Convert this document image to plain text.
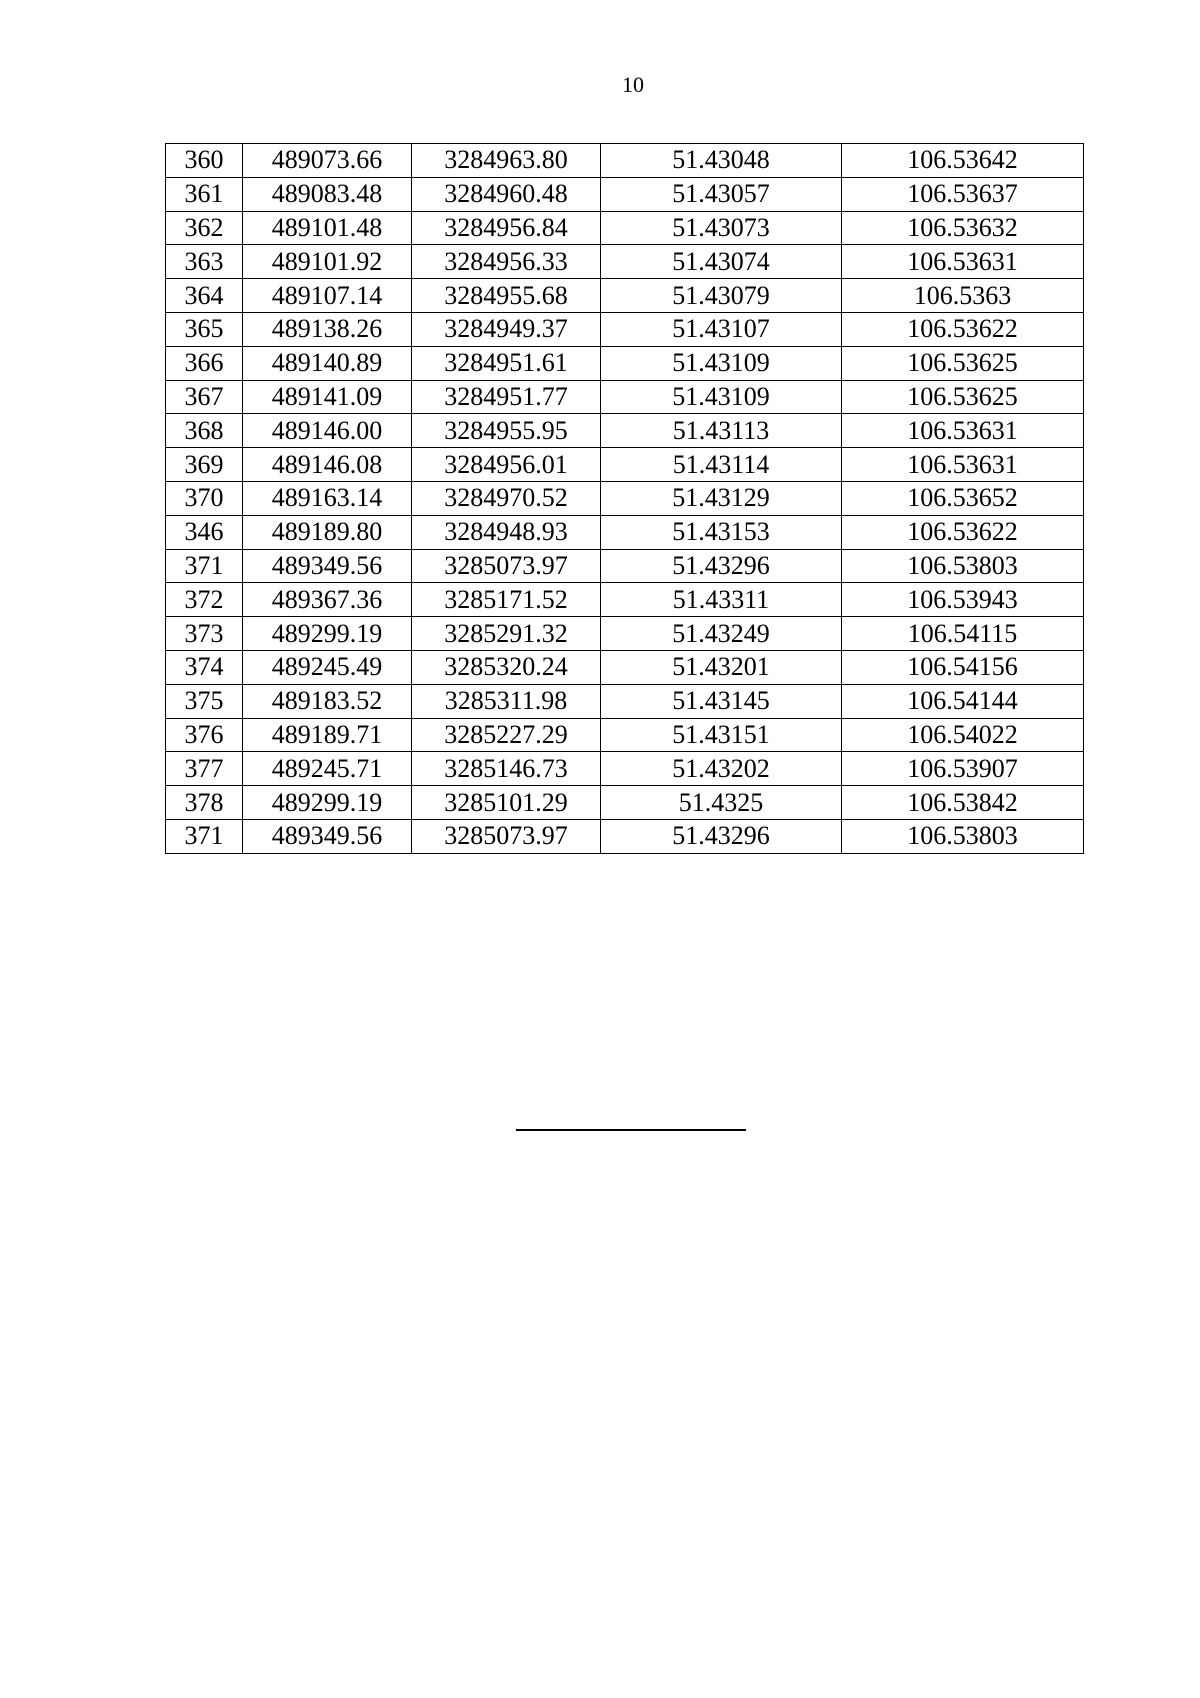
10
360	489073.66	3284963.80	51.43048	106.53642
361	489083.48	3284960.48	51.43057	106.53637
362	489101.48	3284956.84	51.43073	106.53632
363	489101.92	3284956.33	51.43074	106.53631
364	489107.14	3284955.68	51.43079	106.5363
365	489138.26	3284949.37	51.43107	106.53622
366	489140.89	3284951.61	51.43109	106.53625
367	489141.09	3284951.77	51.43109	106.53625
368	489146.00	3284955.95	51.43113	106.53631
369	489146.08	3284956.01	51.43114	106.53631
370	489163.14	3284970.52	51.43129	106.53652
346	489189.80	3284948.93	51.43153	106.53622
371	489349.56	3285073.97	51.43296	106.53803
372	489367.36	3285171.52	51.43311	106.53943
373	489299.19	3285291.32	51.43249	106.54115
374	489245.49	3285320.24	51.43201	106.54156
375	489183.52	3285311.98	51.43145	106.54144
376	489189.71	3285227.29	51.43151	106.54022
377	489245.71	3285146.73	51.43202	106.53907
378	489299.19	3285101.29	51.4325	106.53842
371	489349.56	3285073.97	51.43296	106.53803
